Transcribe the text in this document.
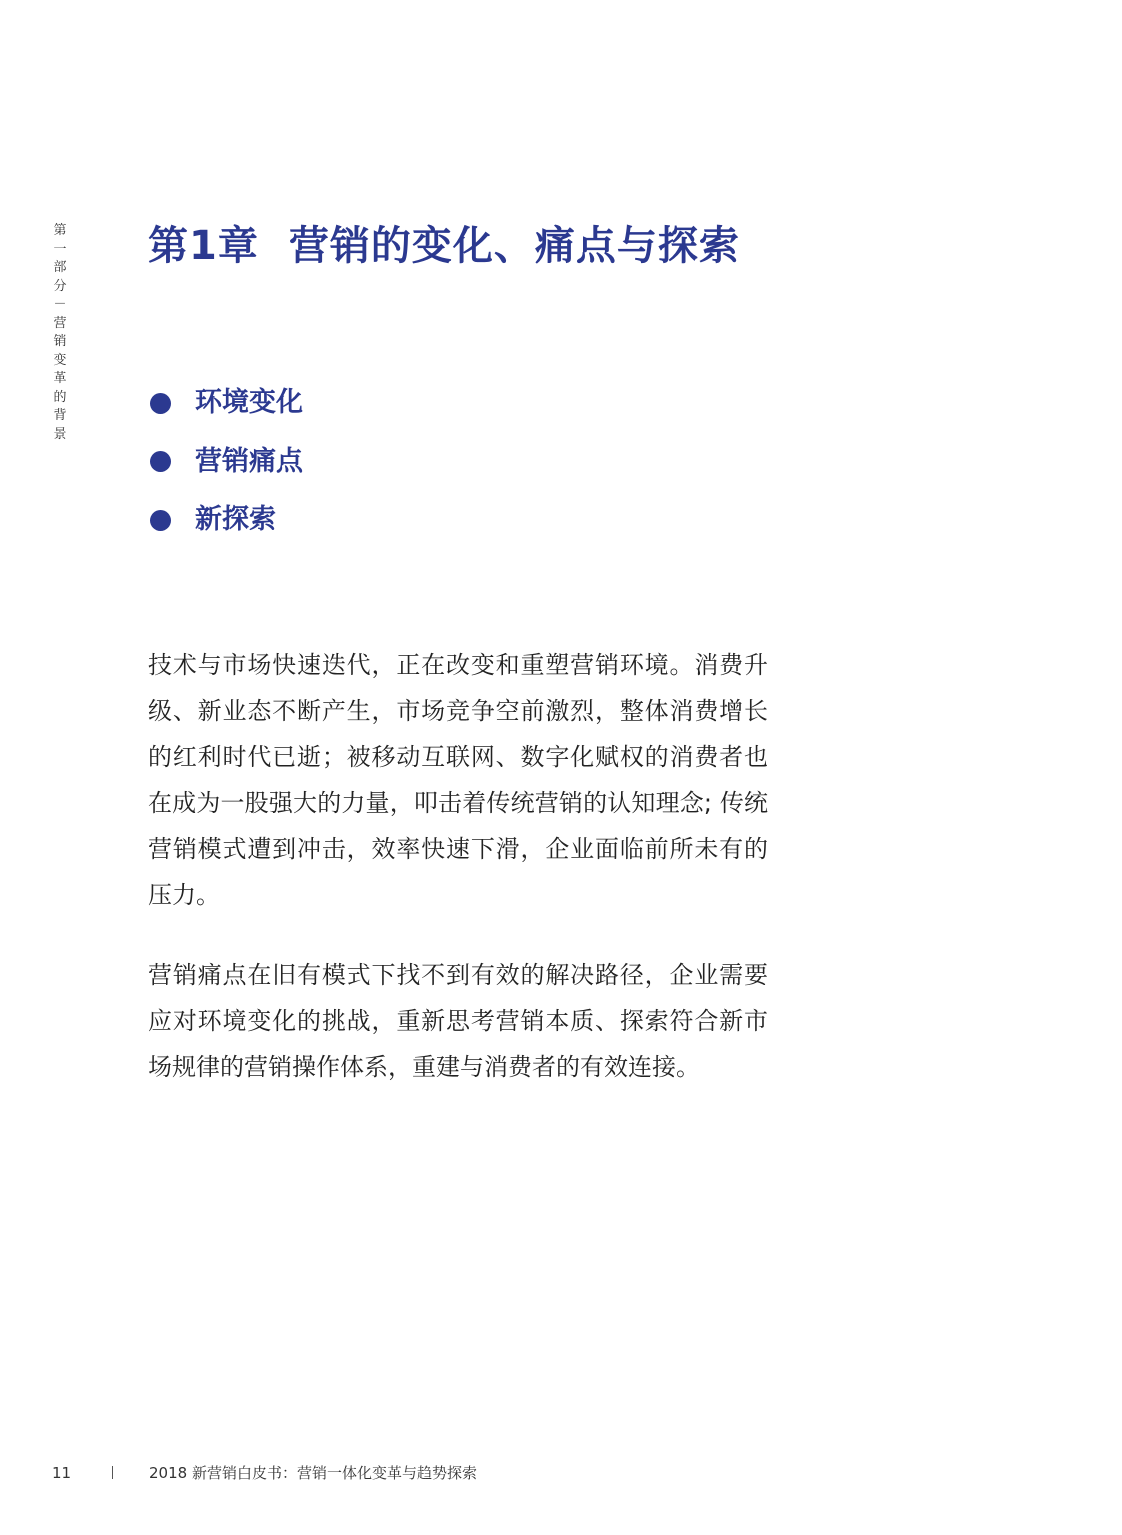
第一部分－营销变革的背景
第1章 营销的变化、痛点与探索
环境变化
营销痛点
新探索

技术与市场快速迭代，正在改变和重塑营销环境。消费升级、新业态不断产生，市场竞争空前激烈，整体消费增长的红利时代已逝；被移动互联网、数字化赋权的消费者也在成为一股强大的力量，叩击着传统营销的认知理念; 传统营销模式遭到冲击，效率快速下滑，企业面临前所未有的压力。

营销痛点在旧有模式下找不到有效的解决路径，企业需要应对环境变化的挑战，重新思考营销本质、探索符合新市场规律的营销操作体系，重建与消费者的有效连接。

11	2018 新营销白皮书：营销一体化变革与趋势探索
